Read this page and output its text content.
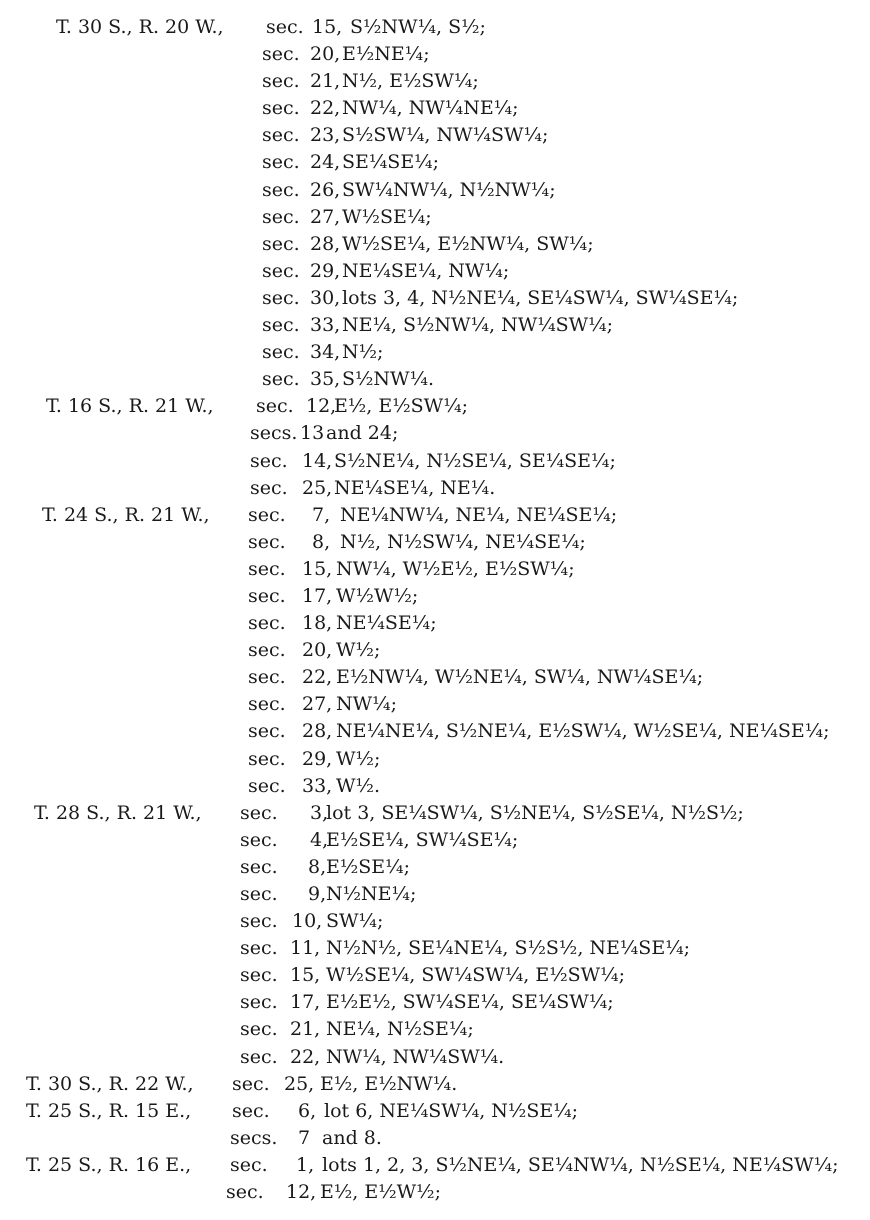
T. 30 S., R. 20 W., sec. 15, S½NW¼, S½;
sec. 20, E½NE¼;
sec. 21, N½, E½SW¼;
sec. 22, NW¼, NW¼NE¼;
sec. 23, S½SW¼, NW¼SW¼;
sec. 24, SE¼SE¼;
sec. 26, SW¼NW¼, N½NW¼;
sec. 27, W½SE¼;
sec. 28, W½SE¼, E½NW¼, SW¼;
sec. 29, NE¼SE¼, NW¼;
sec. 30, lots 3, 4, N½NE¼, SE¼SW¼, SW¼SE¼;
sec. 33, NE¼, S½NW¼, NW¼SW¼;
sec. 34, N½;
sec. 35, S½NW¼.
T. 16 S., R. 21 W., sec. 12,
E½, E½SW¼;
secs. 13 and 24;
sec. 14, S½NE¼, N½SE¼, SE¼SE¼;
sec. 25, NE¼SE¼, NE¼.
T. 24 S., R. 21 W., sec. 7, NE¼NW¼, NE¼, NE¼SE¼;
sec. 8, N½, N½SW¼, NE¼SE¼;
sec. 15, NW¼, W½E½, E½SW¼;
sec. 17, W½W½;
sec. 18, NE¼SE¼;
sec. 20, W½;
sec. 22, E½NW¼, W½NE¼, SW¼, NW¼SE¼;
sec. 27, NW¼;
sec. 28, NE¼NE¼, S½NE¼, E½SW¼, W½SE¼, NE¼SE¼;
sec. 29, W½;
sec. 33, W½.
T. 28 S., R. 21 W., sec. 3,
lot 3, SE¼SW¼, S½NE¼, S½SE¼, N½S½;
sec. 4,
E½SE¼, SW¼SE¼;
sec. 8, E½SE¼;
sec. 9, N½NE¼;
sec. 10, SW¼;
sec. 11, N½N½, SE¼NE¼, S½S½, NE¼SE¼;
sec. 15, W½SE¼, SW¼SW¼, E½SW¼;
sec. 17, E½E½, SW¼SE¼, SE¼SW¼;
sec. 21, NE¼, N½SE¼;
sec. 22, NW¼, NW¼SW¼.
T. 30 S., R. 22 W., sec. 25, E½, E½NW¼.
T. 25 S., R. 15 E., sec. 6, lot 6, NE¼SW¼, N½SE¼;
secs. 7 and 8.
T. 25 S., R. 16 E., sec. 1, lots 1, 2, 3, S½NE¼, SE¼NW¼, N½SE¼, NE¼SW¼;
sec. 12, E½, E½W½;
